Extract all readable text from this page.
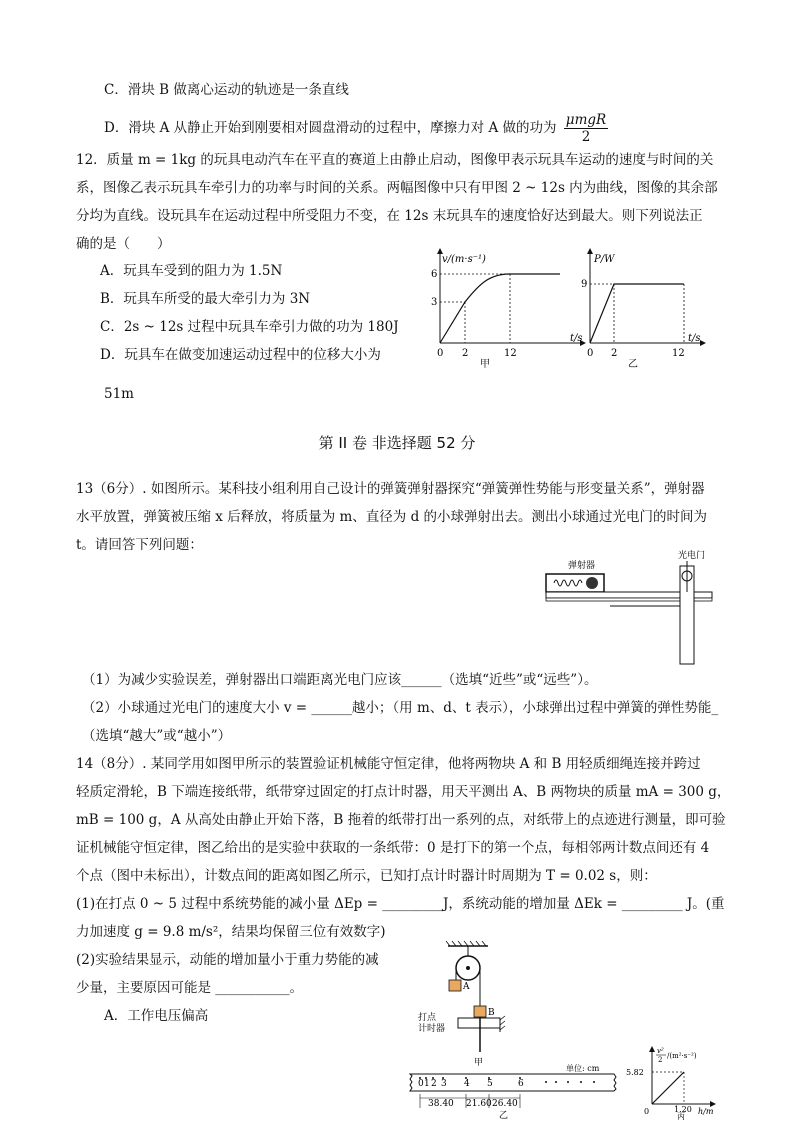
C．滑块 B 做离心运动的轨迹是一条直线
D．滑块 A 从静止开始到刚要相对圆盘滑动的过程中，摩擦力对 A 做的功为 $\frac{\text{μmgR}}{2}$
12．质量 m = 1kg 的玩具电动汽车在平直的赛道上由静止启动，图像甲表示玩具车运动的速度与时间的关
系，图像乙表示玩具车牵引力的功率与时间的关系。两幅图像中只有甲图 2 ~ 12s 内为曲线，图像的其余部
分均为直线。设玩具车在运动过程中所受阻力不变，在 12s 末玩具车的速度恰好达到最大。则下列说法正
确的是（　　）
A．玩具车受到的阻力为 1.5N
B．玩具车所受的最大牵引力为 3N
C．2s ~ 12s 过程中玩具车牵引力做的功为 180J
D．玩具车在做变加速运动过程中的位移大小为
51m
v/(m·s⁻¹)
t/s
6
3
0 2	12
甲
P/W
t/s
9
0 2	12
乙
第 II 卷 非选择题 52 分
13（6分）. 如图所示。某科技小组利用自己设计的弹簧弹射器探究“弹簧弹性势能与形变量关系”，弹射器
水平放置，弹簧被压缩 x 后释放，将质量为 m、直径为 d 的小球弹射出去。测出小球通过光电门的时间为
t。请回答下列问题：
弹射器
光电门
（1）为减少实验误差，弹射器出口端距离光电门应该______（选填“近些”或“远些”）。
（2）小球通过光电门的速度大小 v = ______越小；（用 m、d、t 表示），小球弹出过程中弹簧的弹性势能_
（选填“越大”或“越小”）
14（8分）. 某同学用如图甲所示的装置验证机械能守恒定律，他将两物块 A 和 B 用轻质细绳连接并跨过
轻质定滑轮，B 下端连接纸带，纸带穿过固定的打点计时器，用天平测出 A、B 两物块的质量 mA = 300 g，
mB = 100 g，A 从高处由静止开始下落，B 拖着的纸带打出一系列的点，对纸带上的点迹进行测量，即可验
证机械能守恒定律，图乙给出的是实验中获取的一条纸带：0 是打下的第一个点，每相邻两计数点间还有 4
个点（图中未标出），计数点间的距离如图乙所示，已知打点计时器计时周期为 T = 0.02 s，则：
(1)在打点 0 ~ 5 过程中系统势能的减小量 ΔEp = _________J，系统动能的增加量 ΔEk = _________ J。(重
力加速度 g = 9.8 m/s²，结果均保留三位有效数字)
(2)实验结果显示，动能的增加量小于重力势能的减
少量，主要原因可能是 ___________。
A．工作电压偏高
A
B
打点
计时器
甲
单位: cm
0 1 2 3 4 5	6
38.40 21.60 26.40
乙
v²
2 /(m²·s⁻²)
5.82
0	1.20 h/m
丙
